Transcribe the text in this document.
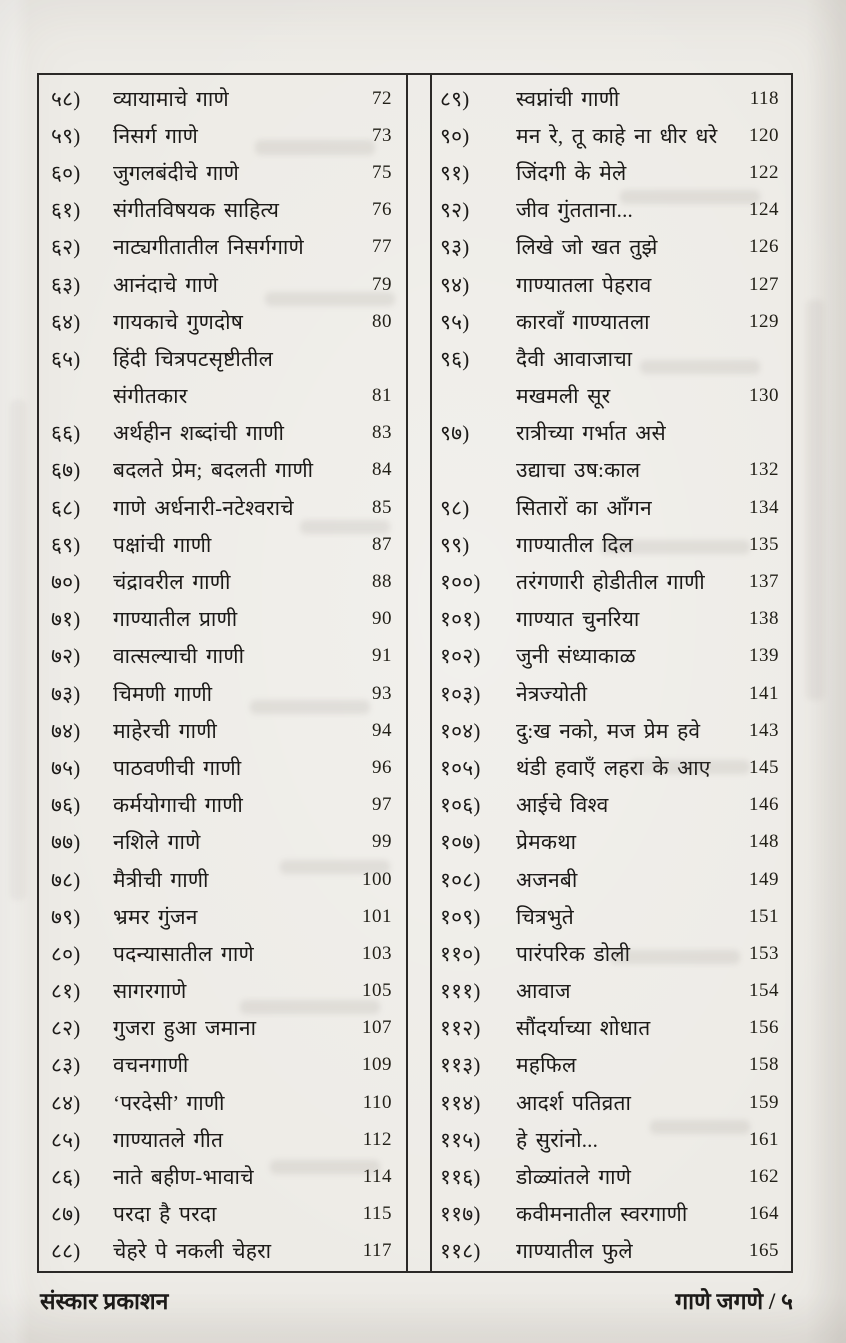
५८)	व्यायामाचे गाणे	72
५९)	निसर्ग गाणे	73
६०)	जुगलबंदीचे गाणे	75
६१)	संगीतविषयक साहित्य	76
६२)	नाट्यगीतातील निसर्गगाणे	77
६३)	आनंदाचे गाणे	79
६४)	गायकाचे गुणदोष	80
६५)	हिंदी चित्रपटसृष्टीतील
संगीतकार	81
६६)	अर्थहीन शब्दांची गाणी	83
६७)	बदलते प्रेम; बदलती गाणी	84
६८)	गाणे अर्धनारी-नटेश्वराचे	85
६९)	पक्षांची गाणी	87
७०)	चंद्रावरील गाणी	88
७१)	गाण्यातील प्राणी	90
७२)	वात्सल्याची गाणी	91
७३)	चिमणी गाणी	93
७४)	माहेरची गाणी	94
७५)	पाठवणीची गाणी	96
७६)	कर्मयोगाची गाणी	97
७७)	नशिले गाणे	99
७८)	मैत्रीची गाणी	100
७९)	भ्रमर गुंजन	101
८०)	पदन्यासातील गाणे	103
८१)	सागरगाणे	105
८२)	गुजरा हुआ जमाना	107
८३)	वचनगाणी	109
८४)	‘परदेसी’ गाणी	110
८५)	गाण्यातले गीत	112
८६)	नाते बहीण-भावाचे	114
८७)	परदा है परदा	115
८८)	चेहरे पे नकली चेहरा	117
८९)	स्वप्नांची गाणी	118
९०)	मन रे, तू काहे ना धीर धरे	120
९१)	जिंदगी के मेले	122
९२)	जीव गुंतताना...	124
९३)	लिखे जो खत तुझे	126
९४)	गाण्यातला पेहराव	127
९५)	कारवाँ गाण्यातला	129
९६)	दैवी आवाजाचा
मखमली सूर	130
९७)	रात्रीच्या गर्भात असे
उद्याचा उष:काल	132
९८)	सितारों का आँगन	134
९९)	गाण्यातील दिल	135
१००)	तरंगणारी होडीतील गाणी	137
१०१)	गाण्यात चुनरिया	138
१०२)	जुनी संध्याकाळ	139
१०३)	नेत्रज्योती	141
१०४)	दु:ख नको, मज प्रेम हवे	143
१०५)	थंडी हवाएँ लहरा के आए	145
१०६)	आईचे विश्व	146
१०७)	प्रेमकथा	148
१०८)	अजनबी	149
१०९)	चित्रभुते	151
११०)	पारंपरिक डोली	153
१११)	आवाज	154
११२)	सौंदर्याच्या शोधात	156
११३)	महफिल	158
११४)	आदर्श पतिव्रता	159
११५)	हे सुरांनो...	161
११६)	डोळ्यांतले गाणे	162
११७)	कवीमनातील स्वरगाणी	164
११८)	गाण्यातील फुले	165
संस्कार प्रकाशन	गाणे जगणे / ५
